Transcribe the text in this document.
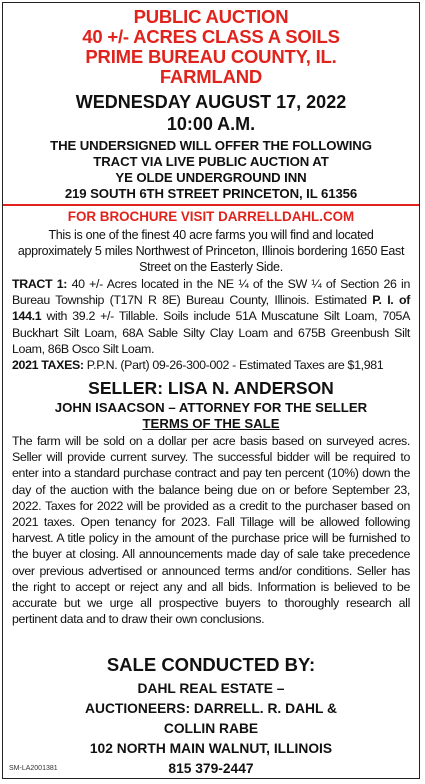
PUBLIC AUCTION
40 +/- ACRES CLASS A SOILS
PRIME BUREAU COUNTY, IL.
FARMLAND
WEDNESDAY AUGUST 17, 2022
10:00 A.M.
THE UNDERSIGNED WILL OFFER THE FOLLOWING
TRACT VIA LIVE PUBLIC AUCTION AT
YE OLDE UNDERGROUND INN
219 SOUTH 6TH STREET PRINCETON, IL 61356
FOR BROCHURE VISIT DARRELLDAHL.COM
This is one of the finest 40 acre farms you will find and located approximately 5 miles Northwest of Princeton, Illinois bordering 1650 East Street on the Easterly Side.
TRACT 1: 40 +/- Acres located in the NE ¼ of the SW ¼ of Section 26 in Bureau Township (T17N R 8E) Bureau County, Illinois. Estimated P. I. of 144.1 with 39.2 +/- Tillable. Soils include 51A Muscatune Silt Loam, 705A Buckhart Silt Loam, 68A Sable Silty Clay Loam and 675B Greenbush Silt Loam, 86B Osco Silt Loam.
2021 TAXES: P.P.N. (Part) 09-26-300-002 - Estimated Taxes are $1,981
SELLER: LISA N. ANDERSON
JOHN ISAACSON – ATTORNEY FOR THE SELLER
TERMS OF THE SALE
The farm will be sold on a dollar per acre basis based on surveyed acres. Seller will provide current survey. The successful bidder will be required to enter into a standard purchase contract and pay ten percent (10%) down the day of the auction with the balance being due on or before September 23, 2022. Taxes for 2022 will be provided as a credit to the purchaser based on 2021 taxes. Open tenancy for 2023. Fall Tillage will be allowed following harvest. A title policy in the amount of the purchase price will be furnished to the buyer at closing. All announcements made day of sale take precedence over previous advertised or announced terms and/or conditions. Seller has the right to accept or reject any and all bids. Information is believed to be accurate but we urge all prospective buyers to thoroughly research all pertinent data and to draw their own conclusions.
SALE CONDUCTED BY:
DAHL REAL ESTATE –
AUCTIONEERS: DARRELL. R. DAHL &
COLLIN RABE
102 NORTH MAIN WALNUT, ILLINOIS
815 379-2447
SM-LA2001381
